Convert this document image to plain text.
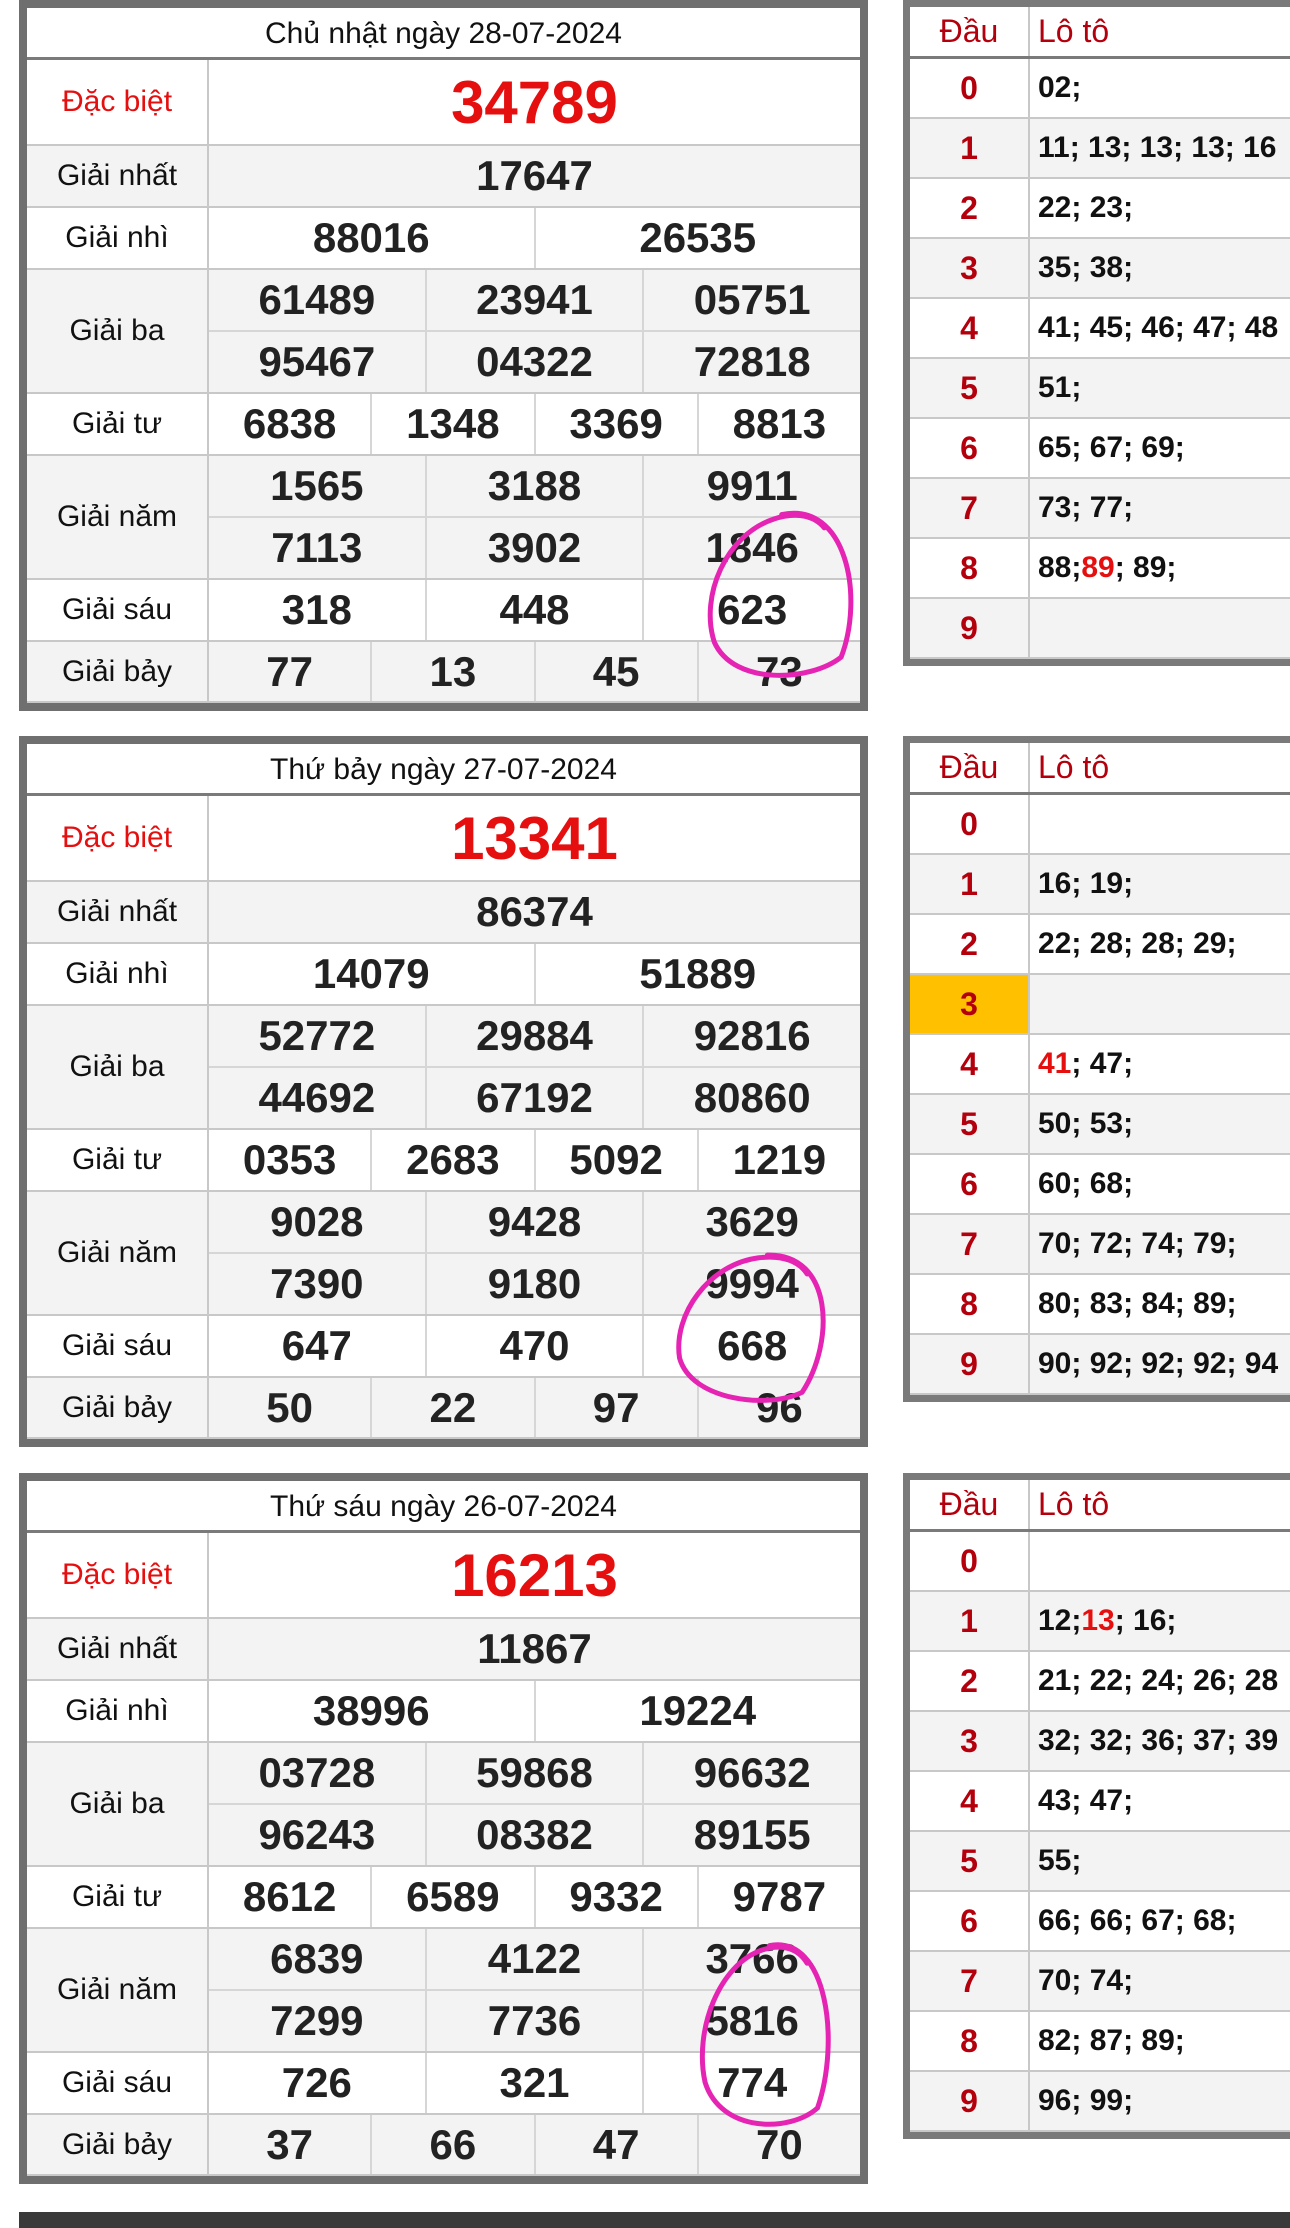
Chủ nhật ngày 28-07-2024
Đặc biệt	34789
Giải nhất	17647
Giải nhì	88016	26535
Giải ba
61489	23941	05751
95467	04322	72818
Giải tư	6838	1348	3369	8813
Giải năm
1565	3188	9911
7113	3902	1846
Giải sáu	318	448	623
Giải bảy	77	13	45	73
Đầu	Lô tô
0	02;
1	11; 13; 13; 13; 16
2	22; 23;
3	35; 38;
4	41; 45; 46; 47; 48
5	51;
6	65; 67; 69;
7	73; 77;
8	88; 89 ; 89;
9
Thứ bảy ngày 27-07-2024
Đặc biệt	13341
Giải nhất	86374
Giải nhì	14079	51889
Giải ba
52772	29884	92816
44692	67192	80860
Giải tư	0353	2683	5092	1219
Giải năm
9028	9428	3629
7390	9180	9994
Giải sáu	647	470	668
Giải bảy	50	22	97	96
Đầu	Lô tô
0
1	16; 19;
2	22; 28; 28; 29;
3
4	41 ; 47;
5	50; 53;
6	60; 68;
7	70; 72; 74; 79;
8	80; 83; 84; 89;
9	90; 92; 92; 92; 94
Thứ sáu ngày 26-07-2024
Đặc biệt	16213
Giải nhất	11867
Giải nhì	38996	19224
Giải ba
03728	59868	96632
96243	08382	89155
Giải tư	8612	6589	9332	9787
Giải năm
6839	4122	3766
7299	7736	5816
Giải sáu	726	321	774
Giải bảy	37	66	47	70
Đầu	Lô tô
0
1	12; 13 ; 16;
2	21; 22; 24; 26; 28
3	32; 32; 36; 37; 39
4	43; 47;
5	55;
6	66; 66; 67; 68;
7	70; 74;
8	82; 87; 89;
9	96; 99;
